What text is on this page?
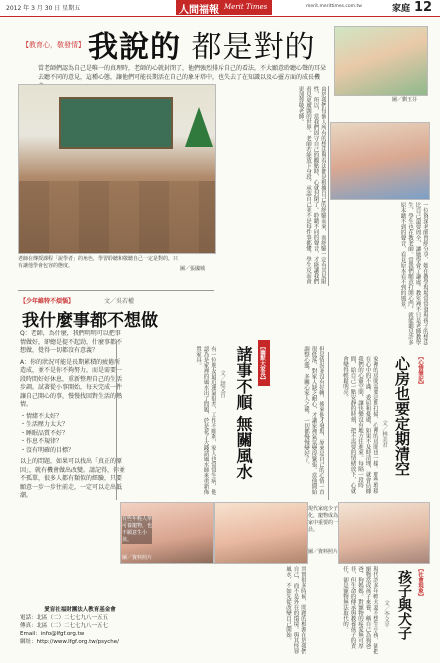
2012 年 3 月 30 日 星期五	人間福報 Merit Times	merit.merittimes.com.tw	家庭 12
【教育心，敬發情】 我說的 都是對的
當老師們認為自己是唯一的真理時，老師的心就封閉了，他們強烈排斥自己的看法，不大願意聆聽心聲的耳朵去聽不同的意見，這種心態，讓他們可能長期活在自己的象牙塔中，也失去了在知識以及心靈方面的成長機
圖／劉玉芬
老師在傳授課程「說學者」的角色，學習聆聽和敬聽自己一定是對的，只有讓他學會包容的態度。	圖／張國城	由於我們每個人所有的想法與看法都是根據自己的經驗而來，而經驗一定有其局限性，所以，當我們固守自己的觀點時，心就封閉了。聆聽不同的聲音，才能讓我們看見更廣闊的世界。老師若能放下身段，承認自己並不是每件事都懂，學生反而會更加尊敬老師。
一位資深老師曾經分享，她在教學現場常常發現孩子的想法比自己還要周全，讓她學會了謙虛。教室裡不只是老師教學生，學生也在教老師。當我們願意打開心門，就能聽見許多原本聽不到的聲音，看見原本看不到的風景。
【少年維特不煩惱】	文／吳若權
我什麼事都不想做

Q：老師，為什麼，我們明明可以把事情做好，卻總是提不起勁，什麼事都不想做，覺得一切都沒有意義？

A：你的狀況可能是長期累積的疲倦所造成，並不是你不夠努力，而是需要一段時間好好休息，重新整理自己的生活步調。試著從小事開始，每天完成一件讓自己開心的事，慢慢找回對生活的熱情。

・情緒不太好？

・生活壓力太大？

・睡眠品質不好？

・作息不規律？

・沒有明確的目標？

以上的問題，如果可以找出「真正的原因」，就有機會做出改變。請記得，你並不孤單，很多人都有類似的經驗，只要願意一步一步往前走，一定可以走出低潮。

【幽默大家長】
諸事不順 無關風水
文／趙文莒
有一位朋友最近運氣很差，工作不順利，家人也常常生病，他認為是家裡的風水出了問題，於是花了大錢請風水師來重新佈置家具。	但是情況並沒有好轉，後來他才發現，原來是自己的心情一直很低落，對家人缺乏耐心，才讓家裡氣氛變得緊張。當他開始調整心態，多關心家人之後，一切都慢慢變好了。
其實很多時候，問題的根源在於我們自己，而不是外在的環境。與其怪罪風水，不如先從改變自己開始。
【心情筆記】
心房也要定期清空
文／林美君
家裡的房間需要定期打掃，心裡的房間也一樣。那些堆積在心中的不滿、委屈和憂慮，如果不及時清理，就會佔據我們的心靈空間，讓快樂沒有地方住進來。每隔一段時間，給自己一點安靜的時刻，把不需要的情緒放下，心就會變得輕鬆明亮。
有些年輕人寧可養寵物，也不願意生小孩。
圖／資料照片
現代家庭少子化，寵物成為家中重要的一員。
圖／資料照片
【社會現象】
孩子與犬子
文／李文平
現代許多年輕夫妻不想生小孩，卻把寵物當成孩子來養，稱自己為狗爸爸、狗媽媽。對寵物的疼愛無可厚非，但生命的傳承與教養孩子的責任，卻是寵物無法取代的。
愛盲社福財團法人教育基金會
電話：北區（二）二七七九八一五五
傳真：北區（二）二七七九八一五七
Email：info@lfgf.org.tw
網址：http://www.lfgf.org.tw/psyche/
